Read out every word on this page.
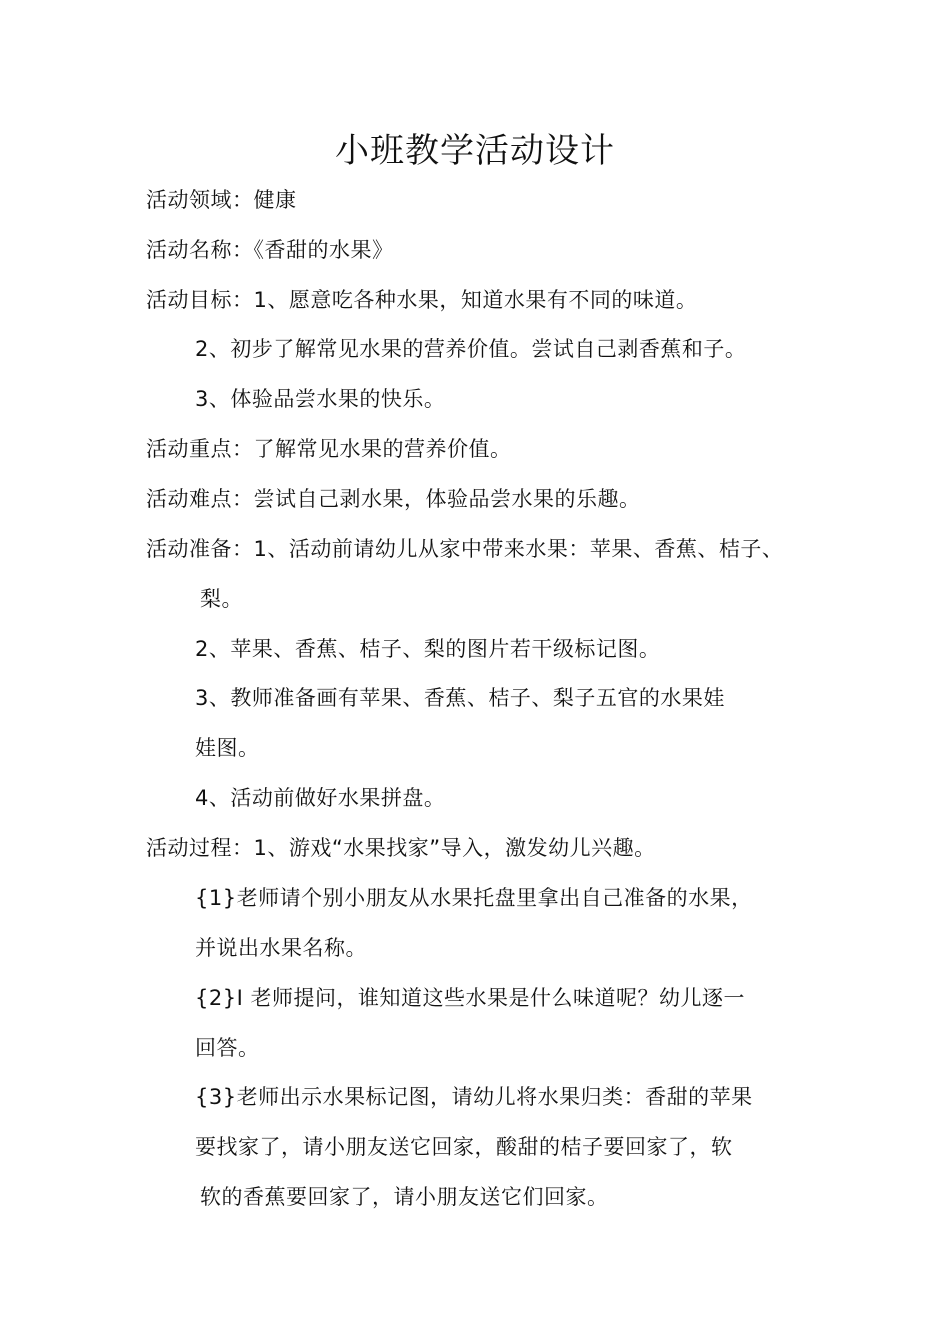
小班教学活动设计
活动领域：健康
活动名称：《香甜的水果》
活动目标：1、愿意吃各种水果，知道水果有不同的味道。
2、初步了解常见水果的营养价值。尝试自己剥香蕉和子。
3、体验品尝水果的快乐。
活动重点：了解常见水果的营养价值。
活动难点：尝试自己剥水果，体验品尝水果的乐趣。
活动准备：1、活动前请幼儿从家中带来水果：苹果、香蕉、桔子、
梨。
2、苹果、香蕉、桔子、梨的图片若干级标记图。
3、教师准备画有苹果、香蕉、桔子、梨子五官的水果娃
娃图。
4、活动前做好水果拼盘。
活动过程：1、游戏“水果找家”导入，激发幼儿兴趣。
{1}老师请个别小朋友从水果托盘里拿出自己准备的水果，
并说出水果名称。
{2}I 老师提问，谁知道这些水果是什么味道呢？幼儿逐一
回答。
{3}老师出示水果标记图，请幼儿将水果归类：香甜的苹果
要找家了，请小朋友送它回家，酸甜的桔子要回家了，软
软的香蕉要回家了，请小朋友送它们回家。
